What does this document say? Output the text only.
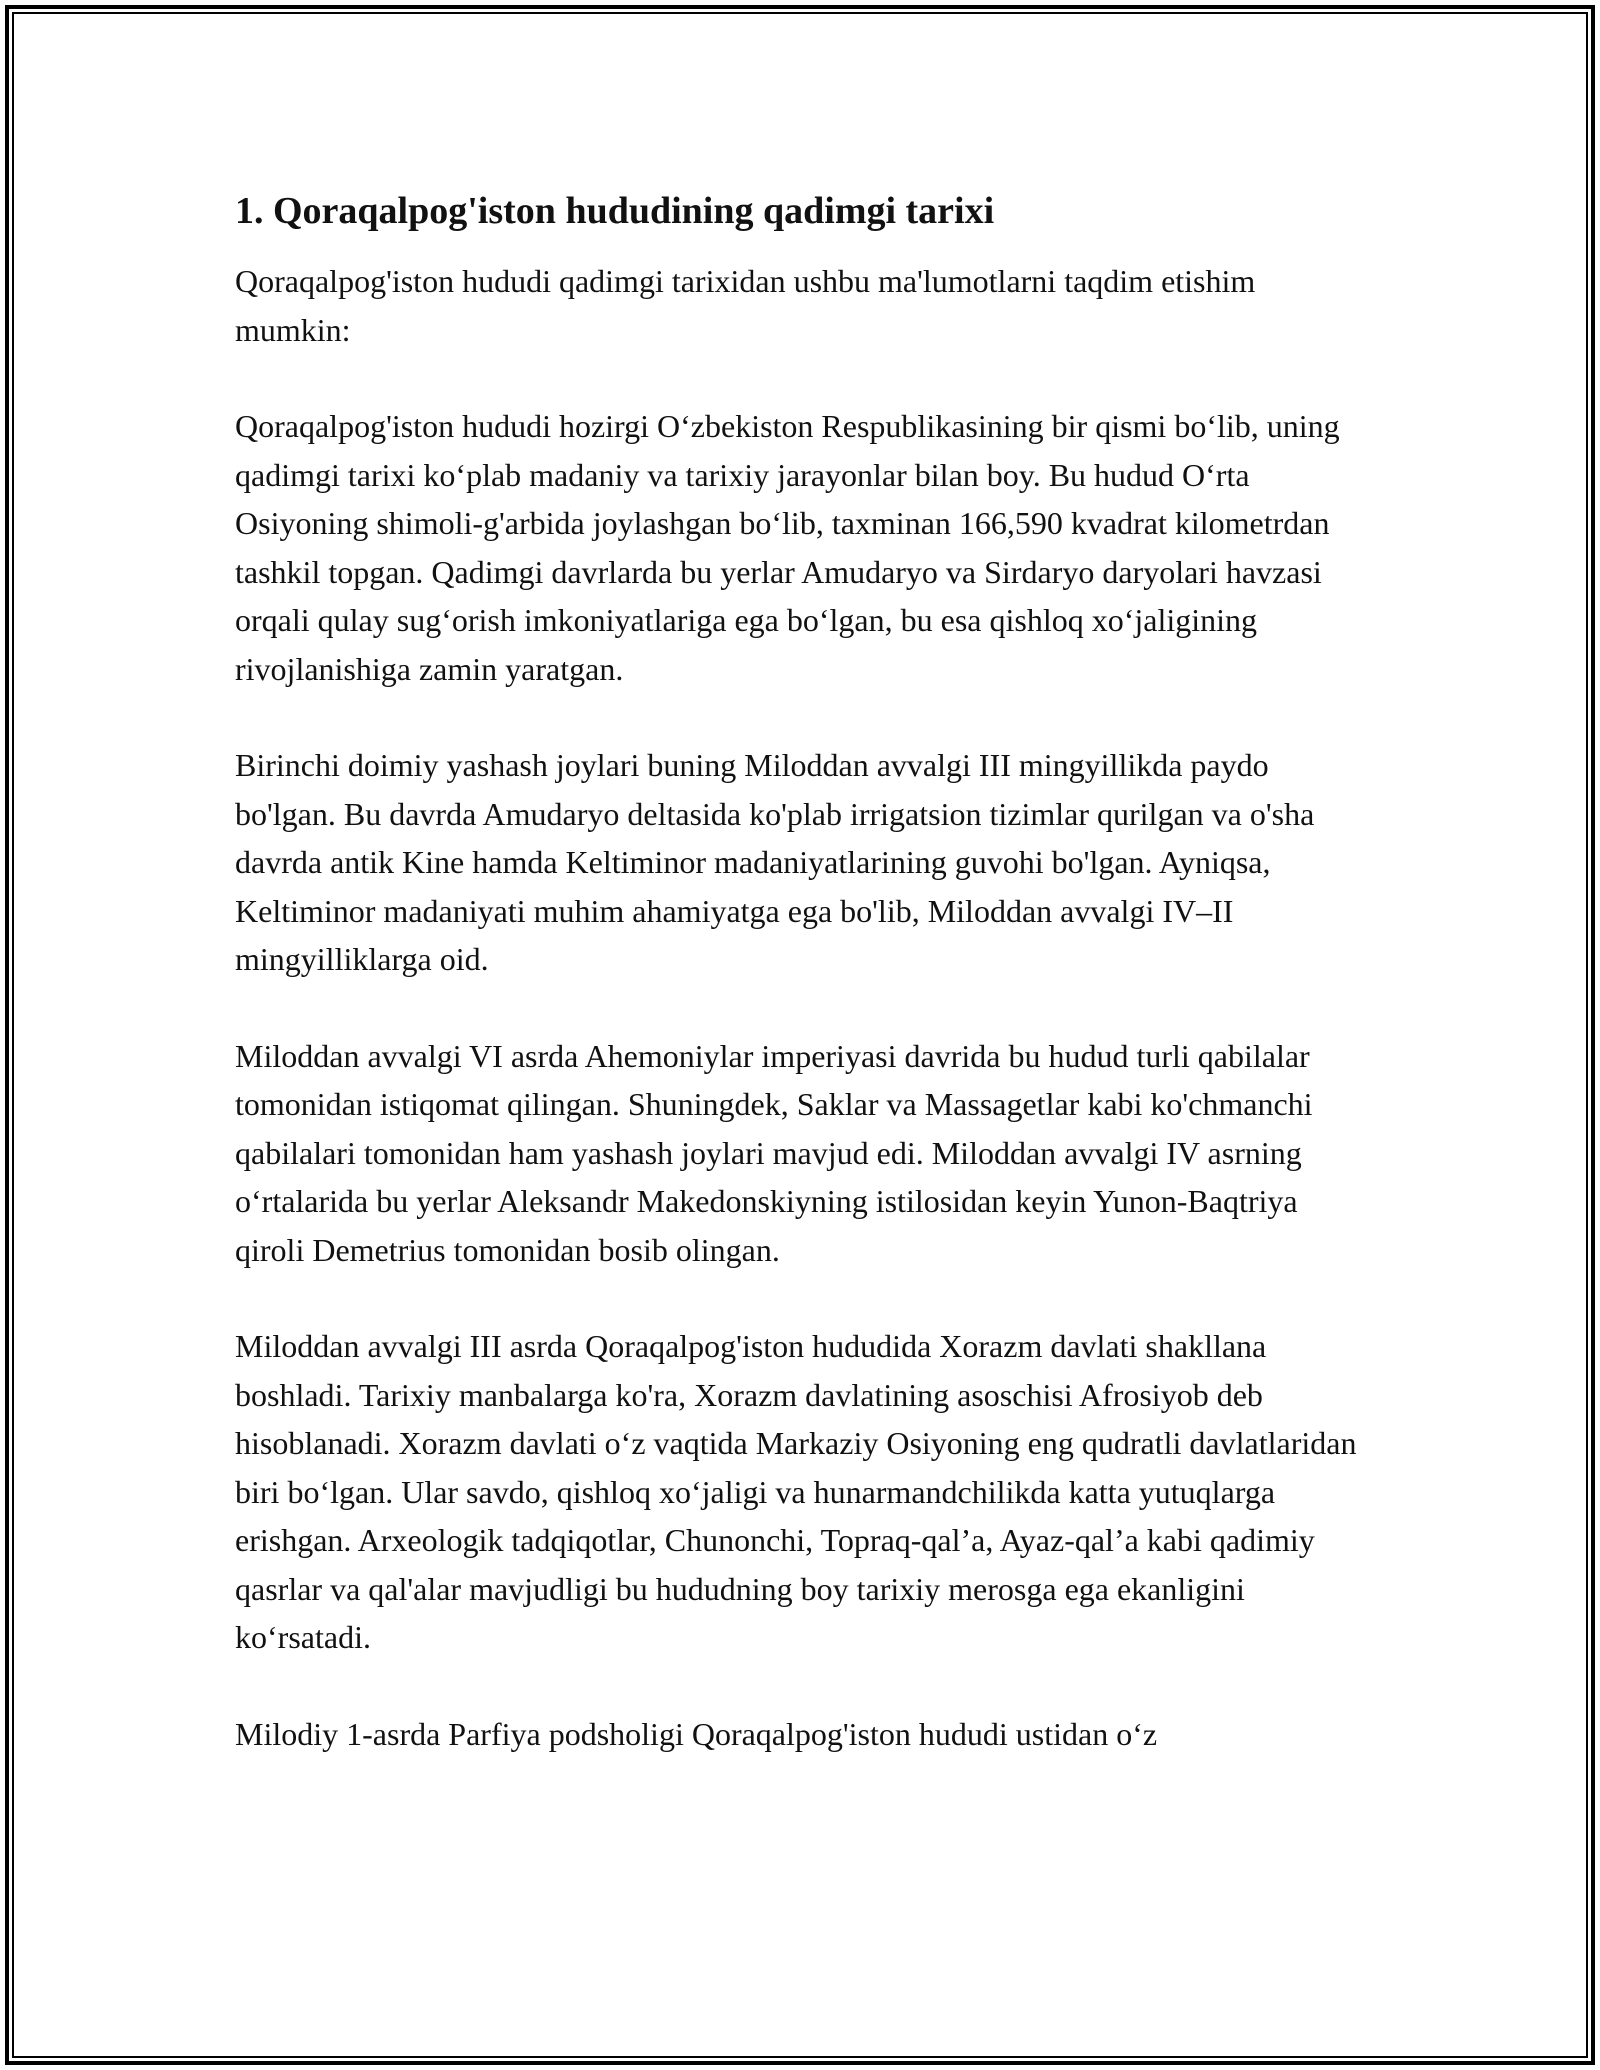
1. Qoraqalpog'iston hududining qadimgi tarixi

Qoraqalpog'iston hududi qadimgi tarixidan ushbu ma'lumotlarni taqdim etishim mumkin:

Qoraqalpog'iston hududi hozirgi O‘zbekiston Respublikasining bir qismi bo‘lib, uning qadimgi tarixi ko‘plab madaniy va tarixiy jarayonlar bilan boy. Bu hudud O‘rta Osiyoning shimoli-g'arbida joylashgan bo‘lib, taxminan 166,590 kvadrat kilometrdan tashkil topgan. Qadimgi davrlarda bu yerlar Amudaryo va Sirdaryo daryolari havzasi orqali qulay sug‘orish imkoniyatlariga ega bo‘lgan, bu esa qishloq xo‘jaligining rivojlanishiga zamin yaratgan.

Birinchi doimiy yashash joylari buning Miloddan avvalgi III mingyillikda paydo bo'lgan. Bu davrda Amudaryo deltasida ko'plab irrigatsion tizimlar qurilgan va o'sha davrda antik Kine hamda Keltiminor madaniyatlarining guvohi bo'lgan. Ayniqsa, Keltiminor madaniyati muhim ahamiyatga ega bo'lib, Miloddan avvalgi IV–II mingyilliklarga oid.

Miloddan avvalgi VI asrda Ahemoniylar imperiyasi davrida bu hudud turli qabilalar tomonidan istiqomat qilingan. Shuningdek, Saklar va Massagetlar kabi ko'chmanchi qabilalari tomonidan ham yashash joylari mavjud edi. Miloddan avvalgi IV asrning o‘rtalarida bu yerlar Aleksandr Makedonskiyning istilosidan keyin Yunon-Baqtriya qiroli Demetrius tomonidan bosib olingan.

Miloddan avvalgi III asrda Qoraqalpog'iston hududida Xorazm davlati shakllana boshladi. Tarixiy manbalarga ko'ra, Xorazm davlatining asoschisi Afrosiyob deb hisoblanadi. Xorazm davlati o‘z vaqtida Markaziy Osiyoning eng qudratli davlatlaridan biri bo‘lgan. Ular savdo, qishloq xo‘jaligi va hunarmandchilikda katta yutuqlarga erishgan. Arxeologik tadqiqotlar, Chunonchi, Topraq-qal’a, Ayaz-qal’a kabi qadimiy qasrlar va qal'alar mavjudligi bu hududning boy tarixiy merosga ega ekanligini ko‘rsatadi.

Milodiy 1-asrda Parfiya podsholigi Qoraqalpog'iston hududi ustidan o‘z
